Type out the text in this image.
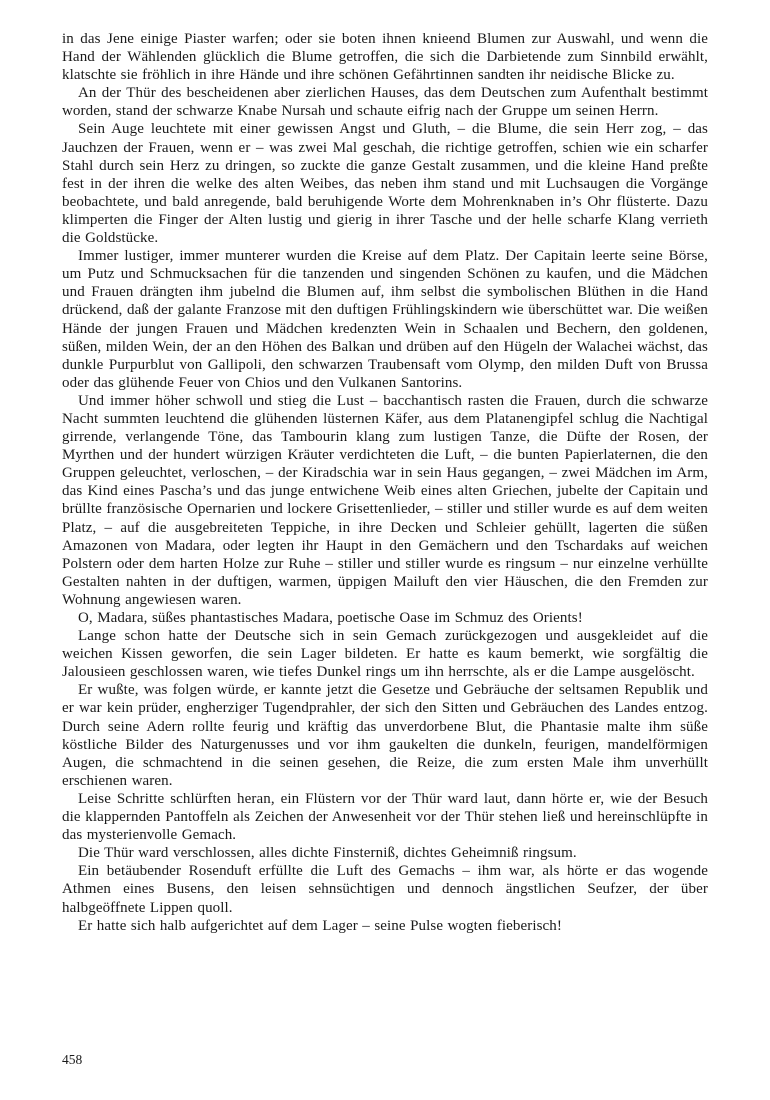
in das Jene einige Piaster warfen; oder sie boten ihnen knieend Blumen zur Auswahl, und wenn die Hand der Wählenden glücklich die Blume getroffen, die sich die Darbietende zum Sinnbild erwählt, klatschte sie fröhlich in ihre Hände und ihre schönen Gefährtinnen sandten ihr neidische Blicke zu.

An der Thür des bescheidenen aber zierlichen Hauses, das dem Deutschen zum Aufenthalt bestimmt worden, stand der schwarze Knabe Nursah und schaute eifrig nach der Gruppe um seinen Herrn.

Sein Auge leuchtete mit einer gewissen Angst und Gluth, – die Blume, die sein Herr zog, – das Jauchzen der Frauen, wenn er – was zwei Mal geschah, die richtige getroffen, schien wie ein scharfer Stahl durch sein Herz zu dringen, so zuckte die ganze Gestalt zusammen, und die kleine Hand preßte fest in der ihren die welke des alten Weibes, das neben ihm stand und mit Luchsaugen die Vorgänge beobachtete, und bald anregende, bald beruhigende Worte dem Mohrenknaben in’s Ohr flüsterte. Dazu klimperten die Finger der Alten lustig und gierig in ihrer Tasche und der helle scharfe Klang verrieth die Goldstücke.

Immer lustiger, immer munterer wurden die Kreise auf dem Platz. Der Capitain leerte seine Börse, um Putz und Schmucksachen für die tanzenden und singenden Schönen zu kaufen, und die Mädchen und Frauen drängten ihm jubelnd die Blumen auf, ihm selbst die symbolischen Blüthen in die Hand drückend, daß der galante Franzose mit den duftigen Frühlingskindern wie überschüttet war. Die weißen Hände der jungen Frauen und Mädchen kredenzten Wein in Schaalen und Bechern, den goldenen, süßen, milden Wein, der an den Höhen des Balkan und drüben auf den Hügeln der Walachei wächst, das dunkle Purpurblut von Gallipoli, den schwarzen Traubensaft vom Olymp, den milden Duft von Brussa oder das glühende Feuer von Chios und den Vulkanen Santorins.

Und immer höher schwoll und stieg die Lust – bacchantisch rasten die Frauen, durch die schwarze Nacht summten leuchtend die glühenden lüsternen Käfer, aus dem Platanengipfel schlug die Nachtigal girrende, verlangende Töne, das Tambourin klang zum lustigen Tanze, die Düfte der Rosen, der Myrthen und der hundert würzigen Kräuter verdichteten die Luft, – die bunten Papierlaternen, die den Gruppen geleuchtet, verloschen, – der Kiradschia war in sein Haus gegangen, – zwei Mädchen im Arm, das Kind eines Pascha’s und das junge entwichene Weib eines alten Griechen, jubelte der Capitain und brüllte französische Opernarien und lockere Grisettenlieder, – stiller und stiller wurde es auf dem weiten Platz, – auf die ausgebreiteten Teppiche, in ihre Decken und Schleier gehüllt, lagerten die süßen Amazonen von Madara, oder legten ihr Haupt in den Gemächern und den Tschardaks auf weichen Polstern oder dem harten Holze zur Ruhe – stiller und stiller wurde es ringsum – nur einzelne verhüllte Gestalten nahten in der duftigen, warmen, üppigen Mailuft den vier Häuschen, die den Fremden zur Wohnung angewiesen waren.

O, Madara, süßes phantastisches Madara, poetische Oase im Schmuz des Orients!

Lange schon hatte der Deutsche sich in sein Gemach zurückgezogen und ausgekleidet auf die weichen Kissen geworfen, die sein Lager bildeten. Er hatte es kaum bemerkt, wie sorgfältig die Jalousieen geschlossen waren, wie tiefes Dunkel rings um ihn herrschte, als er die Lampe ausgelöscht.

Er wußte, was folgen würde, er kannte jetzt die Gesetze und Gebräuche der seltsamen Republik und er war kein prüder, engherziger Tugendprahler, der sich den Sitten und Gebräuchen des Landes entzog. Durch seine Adern rollte feurig und kräftig das unverdorbene Blut, die Phantasie malte ihm süße köstliche Bilder des Naturgenusses und vor ihm gaukelten die dunkeln, feurigen, mandelförmigen Augen, die schmachtend in die seinen gesehen, die Reize, die zum ersten Male ihm unverhüllt erschienen waren.

Leise Schritte schlürften heran, ein Flüstern vor der Thür ward laut, dann hörte er, wie der Besuch die klappernden Pantoffeln als Zeichen der Anwesenheit vor der Thür stehen ließ und hereinschlüpfte in das mysterienvolle Gemach.

Die Thür ward verschlossen, alles dichte Finsterniß, dichtes Geheimniß ringsum.

Ein betäubender Rosenduft erfüllte die Luft des Gemachs – ihm war, als hörte er das wogende Athmen eines Busens, den leisen sehnsüchtigen und dennoch ängstlichen Seufzer, der über halbgeöffnete Lippen quoll.

Er hatte sich halb aufgerichtet auf dem Lager – seine Pulse wogten fieberisch!

458
